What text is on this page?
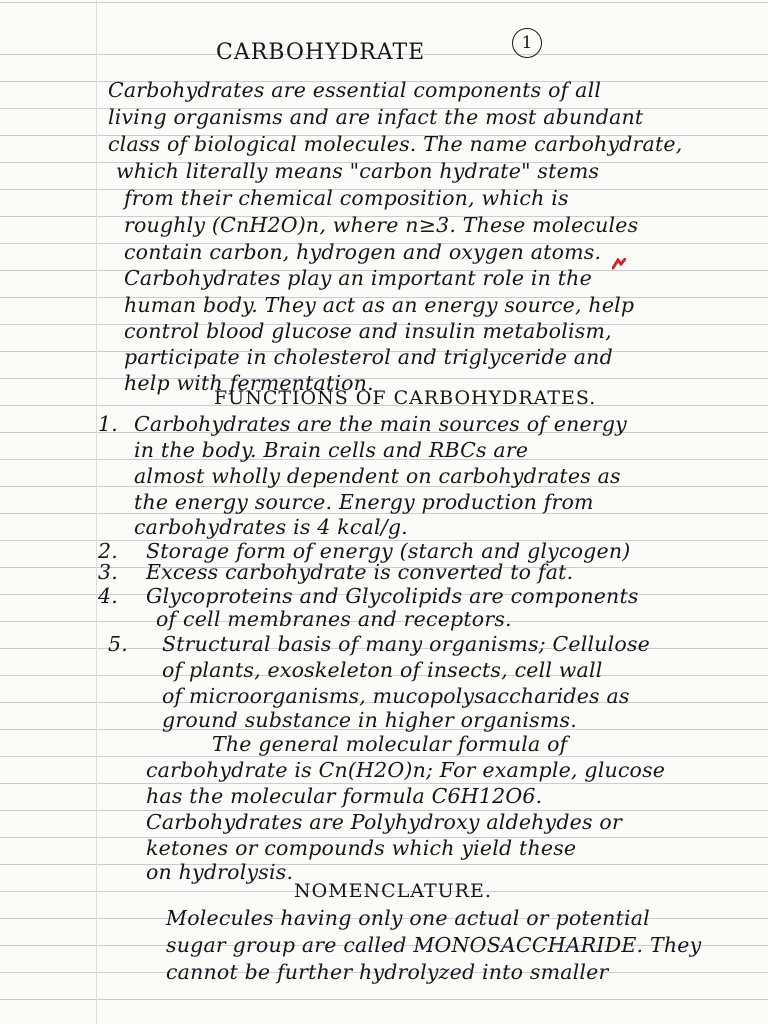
1
CARBOHYDRATE
Carbohydrates are essential components of all
living organisms and are infact the most abundant
class of biological molecules. The name carbohydrate,
which literally means "carbon hydrate" stems
from their chemical composition, which is
roughly (CnH2O)n, where n≥3. These molecules
contain carbon, hydrogen and oxygen atoms.
Carbohydrates play an important role in the
human body. They act as an energy source, help
control blood glucose and insulin metabolism,
participate in cholesterol and triglyceride and
help with fermentation.
FUNCTIONS OF CARBOHYDRATES.
1. Carbohydrates are the main sources of energy
in the body. Brain cells and RBCs are
almost wholly dependent on carbohydrates as
the energy source. Energy production from
carbohydrates is 4 kcal/g.
2. Storage form of energy (starch and glycogen)
3. Excess carbohydrate is converted to fat.
4. Glycoproteins and Glycolipids are components
of cell membranes and receptors.
5. Structural basis of many organisms; Cellulose
of plants, exoskeleton of insects, cell wall
of microorganisms, mucopolysaccharides as
ground substance in higher organisms.
The general molecular formula of
carbohydrate is Cn(H2O)n; For example, glucose
has the molecular formula C6H12O6.
Carbohydrates are Polyhydroxy aldehydes or
ketones or compounds which yield these
on hydrolysis.
NOMENCLATURE.
Molecules having only one actual or potential
sugar group are called MONOSACCHARIDE. They
cannot be further hydrolyzed into smaller
